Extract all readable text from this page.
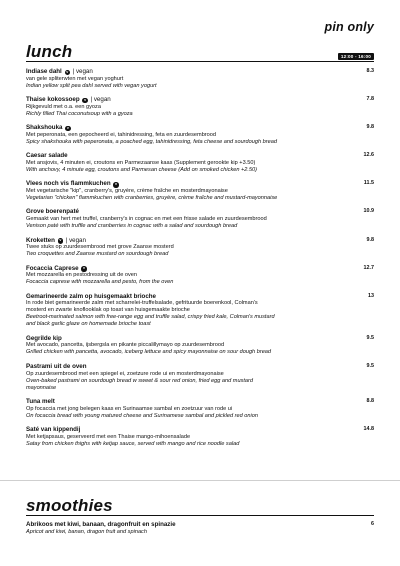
pin only
lunch	12:00 - 16:00
Indiase dahl v | vegan	8.3
van gele spliterwten met vegan yoghurt
Indian yellow split pea dahl served with vegan yogurt
Thaise kokossoep v | vegan	7.8
Rijkgevuld met o.a. een gyoza
Richly filled Thai coconutsoup with a gyoza
Shakshouka v	9.8
Met peperonata, een gepocheerd ei, tahinidressing, feta en zuurdesembrood
Spicy shakshouka with peperonata, a poached egg, tahinidressing, feta cheese and sourdough bread
Caesar salade	12.6
Met ansjovis, 4 minuten ei, croutons en Parmezaanse kaas (Supplement gerookte kip +3.50)
With anchovy, 4 minute egg, croutons and Parmesan cheese (Add on smoked chicken +2.50)
Vlees noch vis flammkuchen v	11.5
Met vegetarische "kip", cranberry's, gruyère, crème fraîche en mosterdmayonaise
Vegetarian "chicken" flammkuchen with cranberries, gruyère, crème fraîche and mustard-mayonnaise
Grove boerenpaté	10.9
Gemaakt van hert met truffel, cranberry's in cognac en met een frisse salade en zuurdesembrood
Venison paté with truffle and cranberries in cognac with a salad and sourdough bread
Kroketten v | vegan	9.8
Twee stuks op zuurdesembrood met grove Zaanse mosterd
Two croquettes and Zaanse mustard on sourdough bread
Focaccia Caprese v	12.7
Met mozzarella en pestodressing uit de oven
Focaccia caprese with mozzarella and pesto, from the oven
Gemarineerde zalm op huisgemaakt brioche	13
In rode biet gemarineerde zalm met scharrelei-truffelsalade, gefrituurde boerenkool, Colman's
mosterd en zwarte knoflooklak op toast van huisgemaakte brioche
Beetroot-marinated salmon with free-range egg and truffle salad, crispy fried kale, Colman's mustard
and black garlic glaze on homemade brioche toast
Gegrilde kip	9.5
Met avocado, pancetta, ijsbergsla en pikante piccalillymayo op zuurdesembrood
Grilled chicken with pancetta, avocado, iceberg lettuce and spicy mayonnaise on sour dough bread
Pastrami uit de oven	9.5
Op zuurdesembrood met een spiegel ei, zoetzure rode ui en mosterdmayonaise
Oven-baked pastrami on sourdough bread w sweet & sour red onion, fried egg and mustard
mayonnaise
Tuna melt	8.8
Op focaccia met jong belegen kaas en Surinaamse sambal en zoetzuur van rode ui
On focaccia bread with young matured cheese and Surinamese sambal and pickled red onion
Saté van kippendij	14.8
Met ketjapsaus, geserveerd met een Thaise mango-mihoensalade
Satay from chicken thighs with ketjap sauce, served with mango and rice noodle salad
smoothies
Abrikoos met kiwi, banaan, dragonfruit en spinazie	6
Apricot and kiwi, banan, dragon fruit and spinach
